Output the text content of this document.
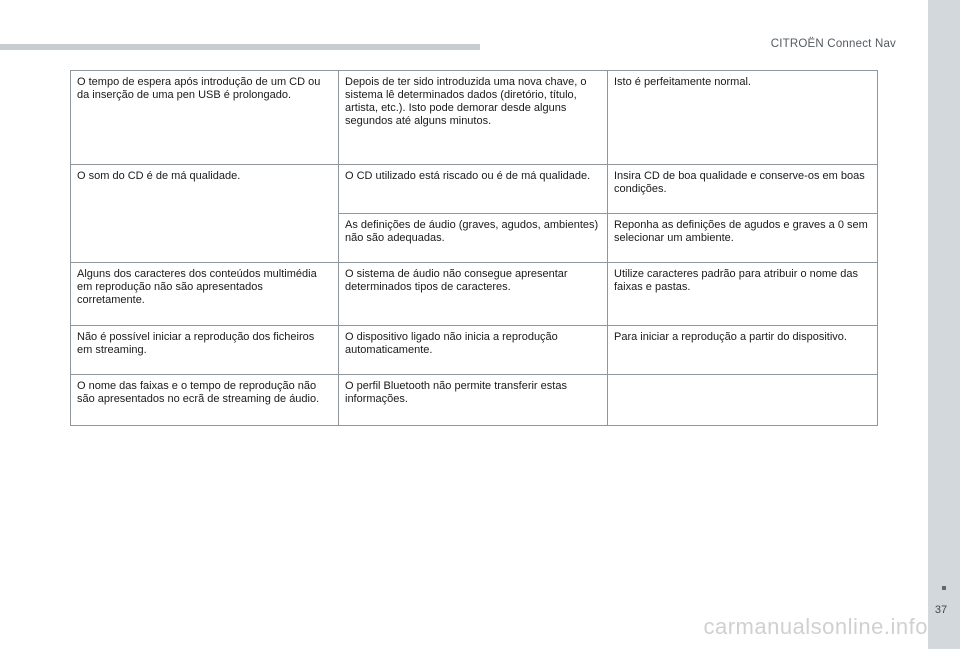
CITROËN Connect Nav
37
O tempo de espera após introdução de um CD ou da inserção de uma pen USB é prolongado.	Depois de ter sido introduzida uma nova chave, o sistema lê determinados dados (diretório, título, artista, etc.). Isto pode demorar desde alguns segundos até alguns minutos.	Isto é perfeitamente normal.
O som do CD é de má qualidade.	O CD utilizado está riscado ou é de má qualidade.	Insira CD de boa qualidade e conserve-os em boas condições.
	As definições de áudio (graves, agudos, ambientes) não são adequadas.	Reponha as definições de agudos e graves a 0 sem selecionar um ambiente.
Alguns dos caracteres dos conteúdos multimédia em reprodução não são apresentados corretamente.	O sistema de áudio não consegue apresentar determinados tipos de caracteres.	Utilize caracteres padrão para atribuir o nome das faixas e pastas.
Não é possível iniciar a reprodução dos ficheiros em streaming.	O dispositivo ligado não inicia a reprodução automaticamente.	Para iniciar a reprodução a partir do dispositivo.
O nome das faixas e o tempo de reprodução não são apresentados no ecrã de streaming de áudio.	O perfil Bluetooth não permite transferir estas informações.	
carmanualsonline.info
